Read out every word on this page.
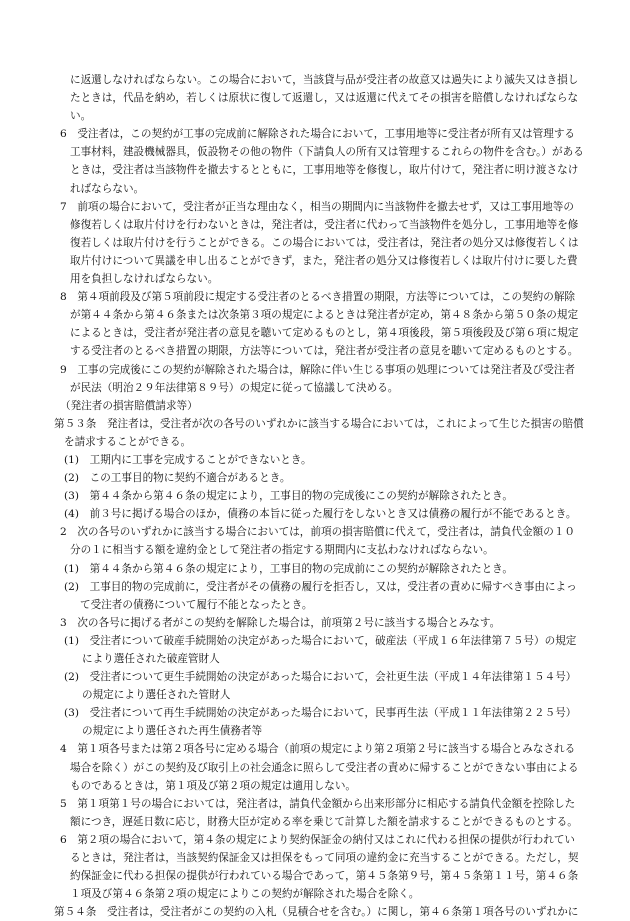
に返還しなければならない。この場合において，当該貸与品が受注者の故意又は過失により滅失又はき損したときは，代品を納め，若しくは原状に復して返還し，又は返還に代えてその損害を賠償しなければならない。
6　受注者は，この契約が工事の完成前に解除された場合において，工事用地等に受注者が所有又は管理する工事材料，建設機械器具，仮設物その他の物件（下請負人の所有又は管理するこれらの物件を含む。）があるときは，受注者は当該物件を撤去するとともに，工事用地等を修復し，取片付けて，発注者に明け渡さなければならない。
7　前項の場合において，受注者が正当な理由なく，相当の期間内に当該物件を撤去せず，又は工事用地等の修復若しくは取片付けを行わないときは，発注者は，受注者に代わって当該物件を処分し，工事用地等を修復若しくは取片付けを行うことができる。この場合においては，受注者は，発注者の処分又は修復若しくは取片付けについて異議を申し出ることができず，また，発注者の処分又は修復若しくは取片付けに要した費用を負担しなければならない。
8　第４項前段及び第５項前段に規定する受注者のとるべき措置の期限，方法等については，この契約の解除が第４４条から第４６条または次条第３項の規定によるときは発注者が定め，第４８条から第５０条の規定によるときは，受注者が発注者の意見を聴いて定めるものとし，第４項後段，第５項後段及び第６項に規定する受注者のとるべき措置の期限，方法等については，発注者が受注者の意見を聴いて定めるものとする。
9　工事の完成後にこの契約が解除された場合は，解除に伴い生じる事項の処理については発注者及び受注者が民法（明治２９年法律第８９号）の規定に従って協議して決める。
（発注者の損害賠償請求等）
第５３条　発注者は，受注者が次の各号のいずれかに該当する場合においては，これによって生じた損害の賠償を請求することができる。
(1)　工期内に工事を完成することができないとき。
(2)　この工事目的物に契約不適合があるとき。
(3)　第４４条から第４６条の規定により，工事目的物の完成後にこの契約が解除されたとき。
(4)　前３号に掲げる場合のほか，債務の本旨に従った履行をしないとき又は債務の履行が不能であるとき。
2　次の各号のいずれかに該当する場合においては，前項の損害賠償に代えて，受注者は，請負代金額の１０分の１に相当する額を違約金として発注者の指定する期間内に支払わなければならない。
(1)　第４４条から第４６条の規定により，工事目的物の完成前にこの契約が解除されたとき。
(2)　工事目的物の完成前に，受注者がその債務の履行を拒否し，又は，受注者の責めに帰すべき事由によって受注者の債務について履行不能となったとき。
3　次の各号に掲げる者がこの契約を解除した場合は，前項第２号に該当する場合とみなす。
(1)　受注者について破産手続開始の決定があった場合において，破産法（平成１６年法律第７５号）の規定により選任された破産管財人
(2)　受注者について更生手続開始の決定があった場合において，会社更生法（平成１４年法律第１５４号）の規定により選任された管財人
(3)　受注者について再生手続開始の決定があった場合において，民事再生法（平成１１年法律第２２５号）の規定により選任された再生債務者等
4　第１項各号または第２項各号に定める場合（前項の規定により第２項第２号に該当する場合とみなされる場合を除く）がこの契約及び取引上の社会通念に照らして受注者の責めに帰することができない事由によるものであるときは，第１項及び第２項の規定は適用しない。
5　第１項第１号の場合においては，発注者は，請負代金額から出来形部分に相応する請負代金額を控除した額につき，遅延日数に応じ，財務大臣が定める率を乗じて計算した額を請求することができるものとする。
6　第２項の場合において，第４条の規定により契約保証金の納付又はこれに代わる担保の提供が行われているときは，発注者は，当該契約保証金又は担保をもって同項の違約金に充当することができる。ただし，契約保証金に代わる担保の提供が行われている場合であって，第４５条第９号，第４５条第１１号，第４６条１項及び第４６条第２項の規定によりこの契約が解除された場合を除く。
第５４条　受注者は，受注者がこの契約の入札（見積合せを含む。）に関し，第４６条第１項各号のいずれかに
